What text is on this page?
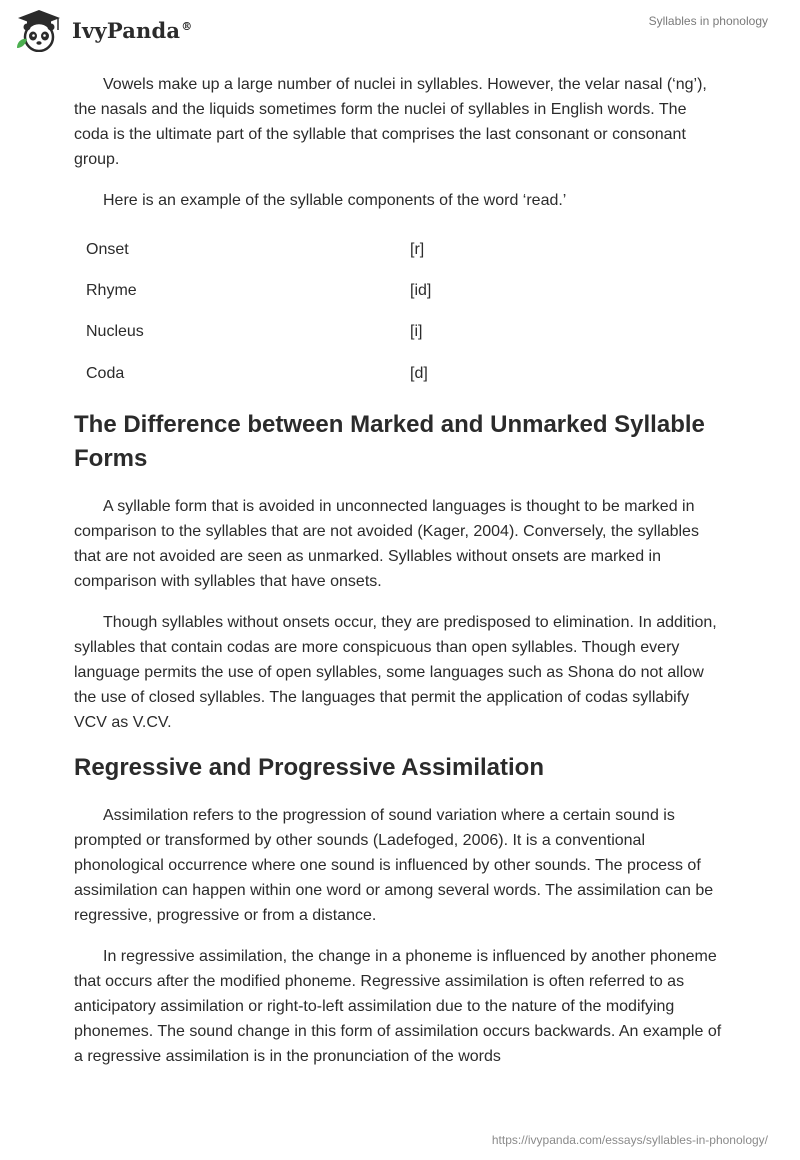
IvyPanda®	Syllables in phonology

Vowels make up a large number of nuclei in syllables. However, the velar nasal (‘ng’), the nasals and the liquids sometimes form the nuclei of syllables in English words. The coda is the ultimate part of the syllable that comprises the last consonant or consonant group.

Here is an example of the syllable components of the word ‘read.’

Onset	[r]
Rhyme	[id]
Nucleus	[i]
Coda	[d]
The Difference between Marked and Unmarked Syllable Forms

A syllable form that is avoided in unconnected languages is thought to be marked in comparison to the syllables that are not avoided (Kager, 2004). Conversely, the syllables that are not avoided are seen as unmarked. Syllables without onsets are marked in comparison with syllables that have onsets.

Though syllables without onsets occur, they are predisposed to elimination. In addition, syllables that contain codas are more conspicuous than open syllables. Though every language permits the use of open syllables, some languages such as Shona do not allow the use of closed syllables. The languages that permit the application of codas syllabify VCV as V.CV.

Regressive and Progressive Assimilation

Assimilation refers to the progression of sound variation where a certain sound is prompted or transformed by other sounds (Ladefoged, 2006). It is a conventional phonological occurrence where one sound is influenced by other sounds. The process of assimilation can happen within one word or among several words. The assimilation can be regressive, progressive or from a distance.

In regressive assimilation, the change in a phoneme is influenced by another phoneme that occurs after the modified phoneme. Regressive assimilation is often referred to as anticipatory assimilation or right-to-left assimilation due to the nature of the modifying phonemes. The sound change in this form of assimilation occurs backwards. An example of a regressive assimilation is in the pronunciation of the words

https://ivypanda.com/essays/syllables-in-phonology/
